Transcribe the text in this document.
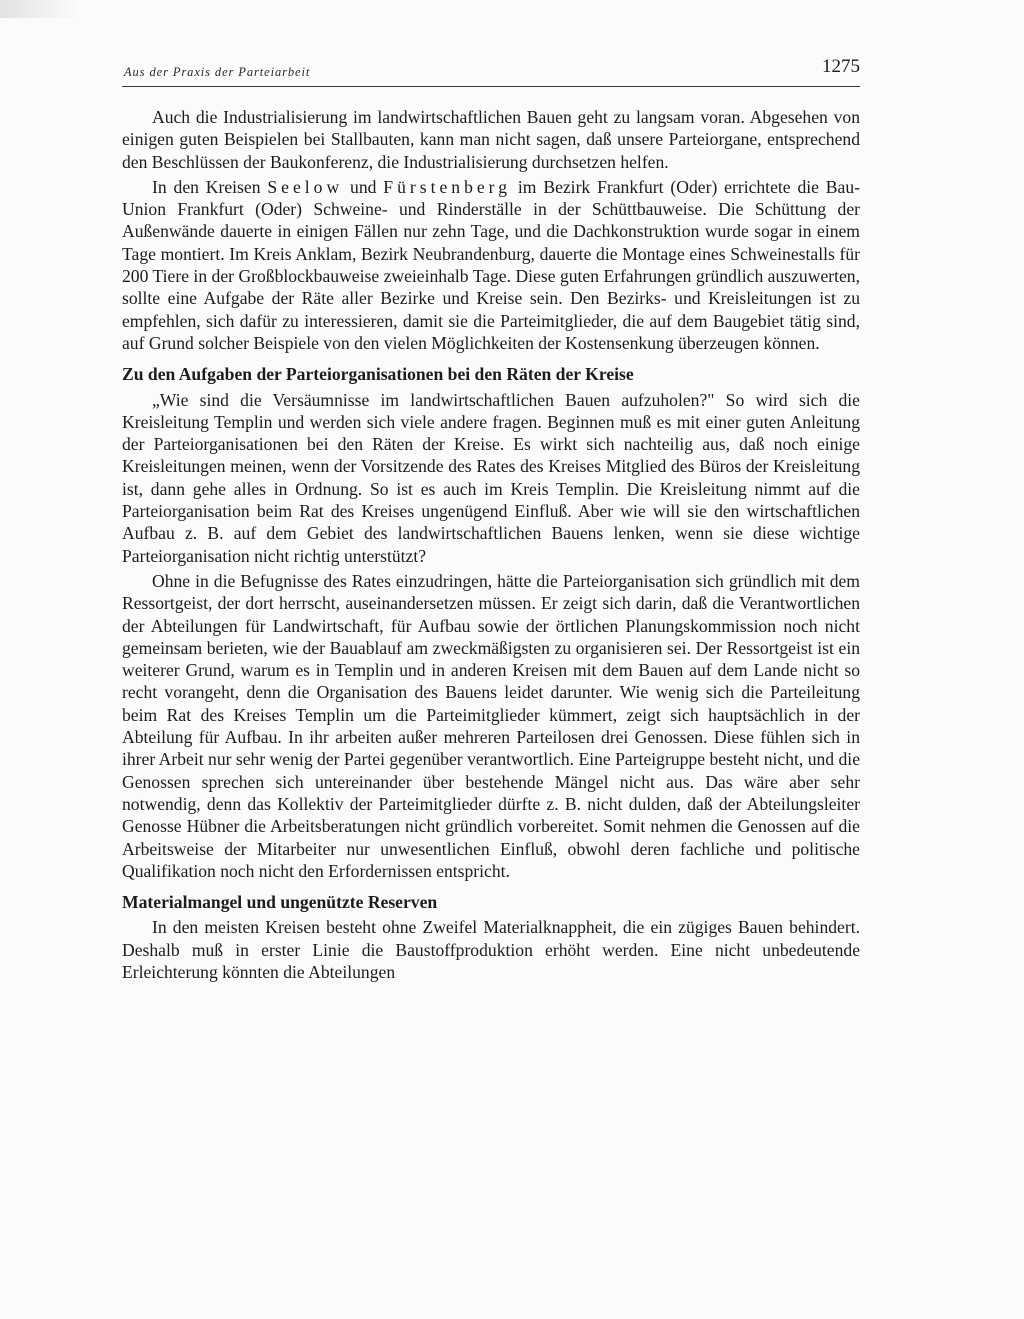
Aus der Praxis der Parteiarbeit	1275

Auch die Industrialisierung im landwirtschaftlichen Bauen geht zu langsam voran. Abgesehen von einigen guten Beispielen bei Stallbauten, kann man nicht sagen, daß unsere Parteiorgane, entsprechend den Beschlüssen der Baukonferenz, die Industrialisierung durchsetzen helfen.

In den Kreisen Seelow und Fürstenberg im Bezirk Frankfurt (Oder) errichtete die Bau-Union Frankfurt (Oder) Schweine- und Rinderställe in der Schüttbauweise. Die Schüttung der Außenwände dauerte in einigen Fällen nur zehn Tage, und die Dachkonstruktion wurde sogar in einem Tage montiert. Im Kreis Anklam, Bezirk Neubrandenburg, dauerte die Montage eines Schweinestalls für 200 Tiere in der Großblockbauweise zweieinhalb Tage. Diese guten Erfahrungen gründlich auszuwerten, sollte eine Aufgabe der Räte aller Bezirke und Kreise sein. Den Bezirks- und Kreisleitungen ist zu empfehlen, sich dafür zu interessieren, damit sie die Parteimitglieder, die auf dem Baugebiet tätig sind, auf Grund solcher Beispiele von den vielen Möglichkeiten der Kostensenkung überzeugen können.

Zu den Aufgaben der Parteiorganisationen bei den Räten der Kreise

„Wie sind die Versäumnisse im landwirtschaftlichen Bauen aufzuholen?" So wird sich die Kreisleitung Templin und werden sich viele andere fragen. Beginnen muß es mit einer guten Anleitung der Parteiorganisationen bei den Räten der Kreise. Es wirkt sich nachteilig aus, daß noch einige Kreisleitungen meinen, wenn der Vorsitzende des Rates des Kreises Mitglied des Büros der Kreisleitung ist, dann gehe alles in Ordnung. So ist es auch im Kreis Templin. Die Kreisleitung nimmt auf die Parteiorganisation beim Rat des Kreises ungenügend Einfluß. Aber wie will sie den wirtschaftlichen Aufbau z. B. auf dem Gebiet des landwirtschaftlichen Bauens lenken, wenn sie diese wichtige Parteiorganisation nicht richtig unterstützt?

Ohne in die Befugnisse des Rates einzudringen, hätte die Parteiorganisation sich gründlich mit dem Ressortgeist, der dort herrscht, auseinandersetzen müssen. Er zeigt sich darin, daß die Verantwortlichen der Abteilungen für Landwirtschaft, für Aufbau sowie der örtlichen Planungskommission noch nicht gemeinsam berieten, wie der Bauablauf am zweckmäßigsten zu organisieren sei. Der Ressortgeist ist ein weiterer Grund, warum es in Templin und in anderen Kreisen mit dem Bauen auf dem Lande nicht so recht vorangeht, denn die Organisation des Bauens leidet darunter. Wie wenig sich die Parteileitung beim Rat des Kreises Templin um die Parteimitglieder kümmert, zeigt sich hauptsächlich in der Abteilung für Aufbau. In ihr arbeiten außer mehreren Parteilosen drei Genossen. Diese fühlen sich in ihrer Arbeit nur sehr wenig der Partei gegenüber verantwortlich. Eine Parteigruppe besteht nicht, und die Genossen sprechen sich untereinander über bestehende Mängel nicht aus. Das wäre aber sehr notwendig, denn das Kollektiv der Parteimitglieder dürfte z. B. nicht dulden, daß der Abteilungsleiter Genosse Hübner die Arbeitsberatungen nicht gründlich vorbereitet. Somit nehmen die Genossen auf die Arbeitsweise der Mitarbeiter nur unwesentlichen Einfluß, obwohl deren fachliche und politische Qualifikation noch nicht den Erfordernissen entspricht.

Materialmangel und ungenützte Reserven

In den meisten Kreisen besteht ohne Zweifel Materialknappheit, die ein zügiges Bauen behindert. Deshalb muß in erster Linie die Baustoffproduktion erhöht werden. Eine nicht unbedeutende Erleichterung könnten die Abteilungen
